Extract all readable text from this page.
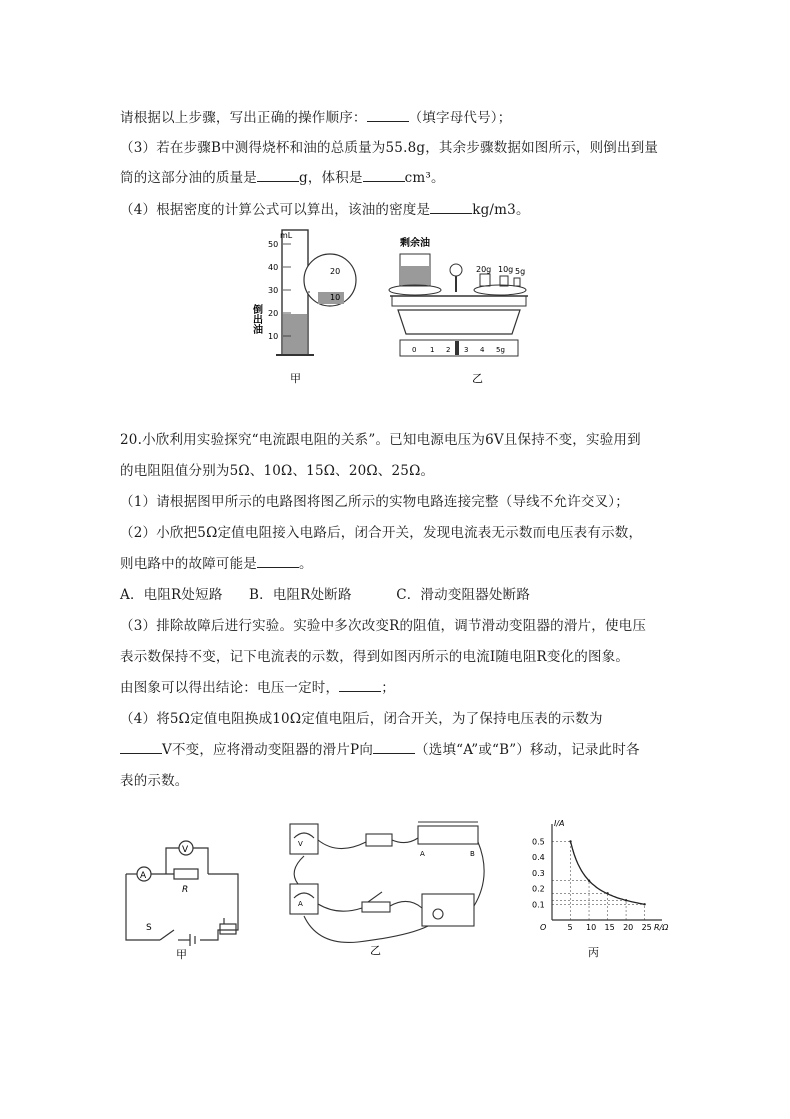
请根据以上步骤，写出正确的操作顺序：	（填字母代号）；
（3）若在步骤B中测得烧杯和油的总质量为55.8g，其余步骤数据如图所示，则倒出到量
筒的这部分油的质量是	g，体积是	cm³。
（4）根据密度的计算公式可以算出，该油的密度是	kg/m3。
mL
50
40
30
20
10
20
10
倒出油
甲
剩余油
20g 10g 5g
0 1 2 3 4 5g
乙
20.小欣利用实验探究“电流跟电阻的关系”。已知电源电压为6V且保持不变，实验用到
的电阻阻值分别为5Ω、10Ω、15Ω、20Ω、25Ω。
（1）请根据图甲所示的电路图将图乙所示的实物电路连接完整（导线不允许交叉）；
（2）小欣把5Ω定值电阻接入电路后，闭合开关，发现电流表无示数而电压表有示数，
则电路中的故障可能是	。
A．电阻R处短路 B．电阻R处断路	C．滑动变阻器处断路
（3）排除故障后进行实验。实验中多次改变R的阻值，调节滑动变阻器的滑片，使电压
表示数保持不变，记下电流表的示数，得到如图丙所示的电流I随电阻R变化的图象。
由图象可以得出结论：电压一定时，	；
（4）将5Ω定值电阻换成10Ω定值电阻后，闭合开关，为了保持电压表的示数为
V不变，应将滑动变阻器的滑片P向	（选填“A”或“B”）移动，记录此时各
表的示数。
A
V
R
S
甲
V
A
A	B
乙
5 10 15 20 25
0.1
0.2
0.3
0.4
0.5
O	R/Ω
I/A
丙
